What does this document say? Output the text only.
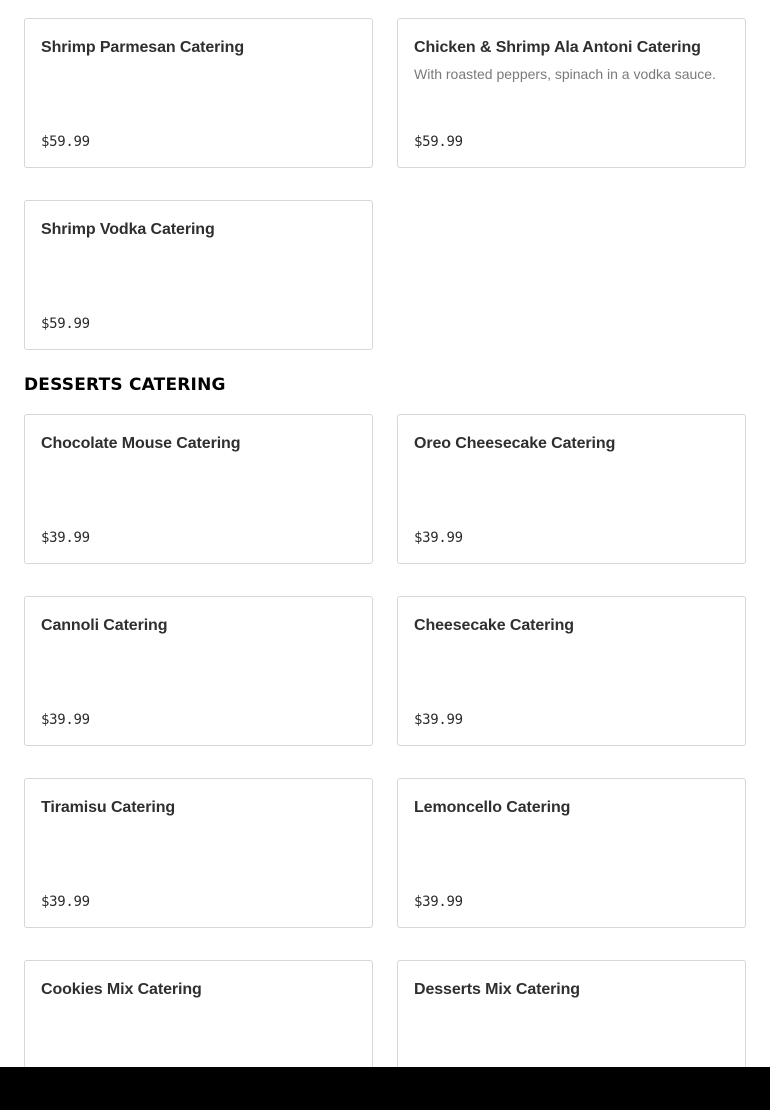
Shrimp Parmesan Catering
$59.99
Chicken & Shrimp Ala Antoni Catering
With roasted peppers, spinach in a vodka sauce.
$59.99
Shrimp Vodka Catering
$59.99
DESSERTS CATERING
Chocolate Mouse Catering
$39.99
Oreo Cheesecake Catering
$39.99
Cannoli Catering
$39.99
Cheesecake Catering
$39.99
Tiramisu Catering
$39.99
Lemoncello Catering
$39.99
Cookies Mix Catering	Desserts Mix Catering
